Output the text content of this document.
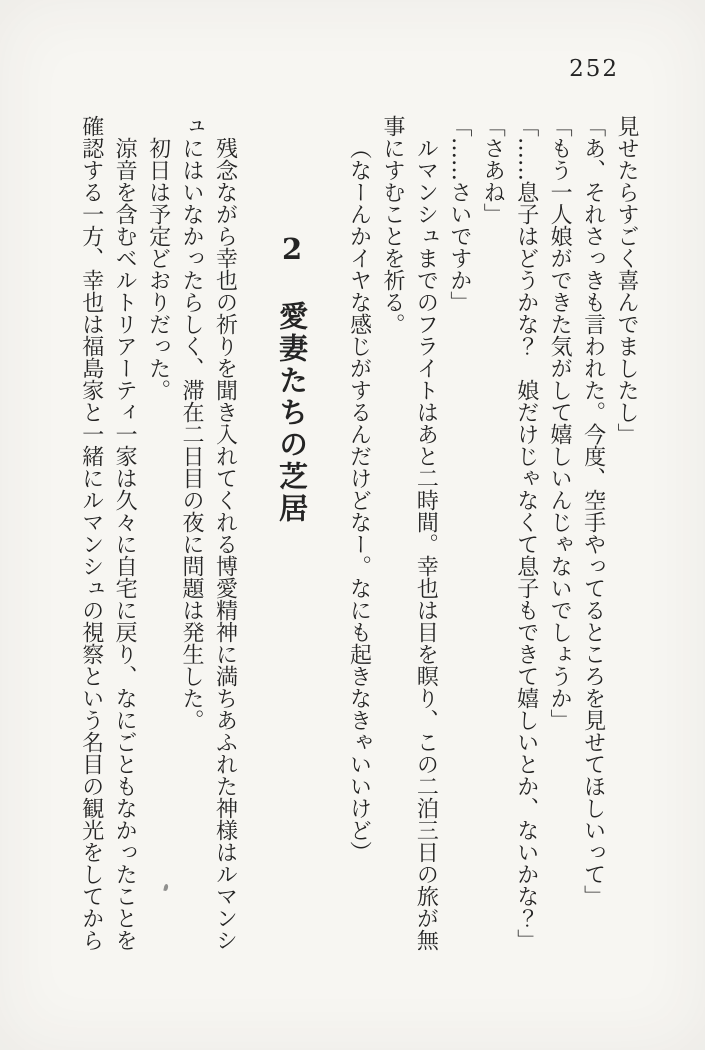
252

見せたらすごく喜んでましたし」

「あ、それさっきも言われた。今度、空手やってるところを見せてほしいって」

「もう一人娘ができた気がして嬉しいんじゃないでしょうか」

「……息子はどうかな？　娘だけじゃなくて息子もできて嬉しいとか、ないかな？」

「さあね」

「……さいですか」

ルマンシュまでのフライトはあと二時間。幸也は目を瞑り、この二泊三日の旅が無事にすむことを祈る。

（なーんかイヤな感じがするんだけどなー。なにも起きなきゃいいけど）

2　愛妻たちの芝居

残念ながら幸也の祈りを聞き入れてくれる博愛精神に満ちあふれた神様はルマンシュにはいなかったらしく、滞在二日目の夜に問題は発生した。

初日は予定どおりだった。

涼音を含むベルトリアーティ一家は久々に自宅に戻り、なにごともなかったことを確認する一方、幸也は福島家と一緒にルマンシュの視察という名目の観光をしてから
